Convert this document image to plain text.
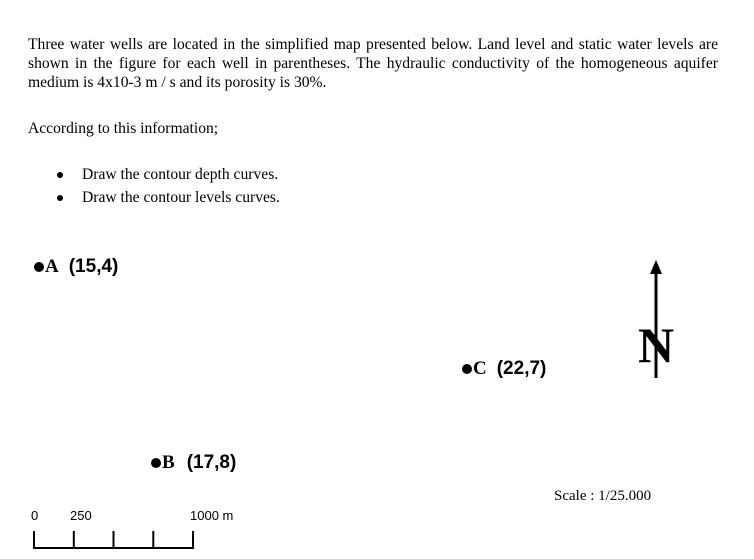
Three water wells are located in the simplified map presented below. Land level and static water levels are shown in the figure for each well in parentheses. The hydraulic conductivity of the homogeneous aquifer medium is 4x10-3 m / s and its porosity is 30%.

According to this information;

Draw the contour depth curves.
Draw the contour levels curves.
A (15,4)
C (22,7)
B (17,8)
N
Scale : 1/25.000
0 250	1000 m
